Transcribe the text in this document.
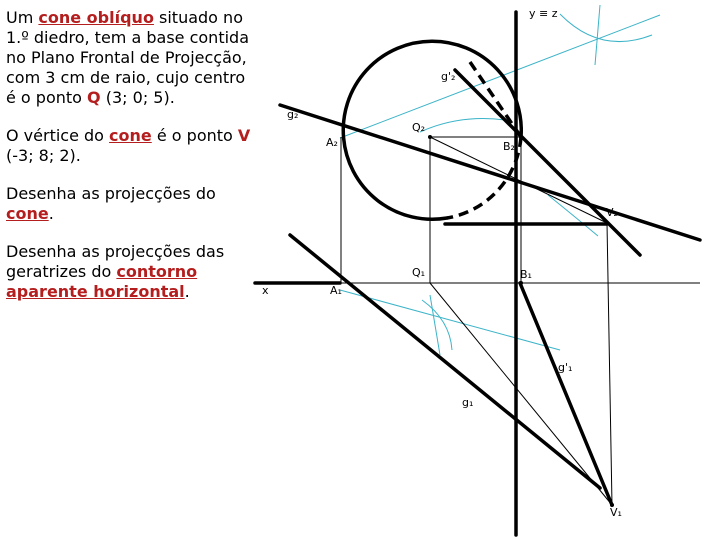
Um cone oblíquo situado no 1.º diedro, tem a base contida no Plano Frontal de Projecção, com 3 cm de raio, cujo centro é o ponto Q (3; 0; 5).

O vértice do cone é o ponto V (-3; 8; 2).

Desenha as projecções do cone.

Desenha as projecções das geratrizes do contorno aparente horizontal.

y ≡ z
x
g'₂
g₂
Q₂
A₂	B₂
V₂
Q₁	B₁
A₁
g'₁
g₁
V₁
